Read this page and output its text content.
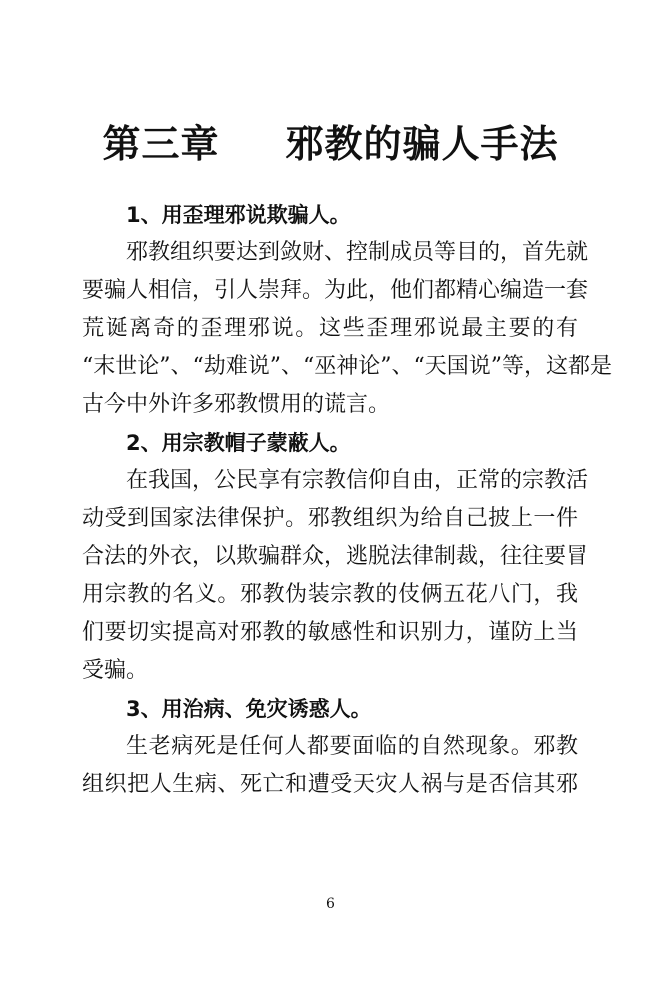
第三章 邪教的骗人手法

1、用歪理邪说欺骗人。

邪教组织要达到敛财、控制成员等目的，首先就
要骗人相信，引人崇拜。为此，他们都精心编造一套
荒诞离奇的歪理邪说。这些歪理邪说最主要的有
“末世论”、“劫难说”、“巫神论”、“天国说”等，这都是
古今中外许多邪教惯用的谎言。

2、用宗教帽子蒙蔽人。

在我国，公民享有宗教信仰自由，正常的宗教活
动受到国家法律保护。邪教组织为给自己披上一件
合法的外衣，以欺骗群众，逃脱法律制裁，往往要冒
用宗教的名义。邪教伪装宗教的伎俩五花八门，我
们要切实提高对邪教的敏感性和识别力，谨防上当
受骗。

3、用治病、免灾诱惑人。

生老病死是任何人都要面临的自然现象。邪教
组织把人生病、死亡和遭受天灾人祸与是否信其邪
6
